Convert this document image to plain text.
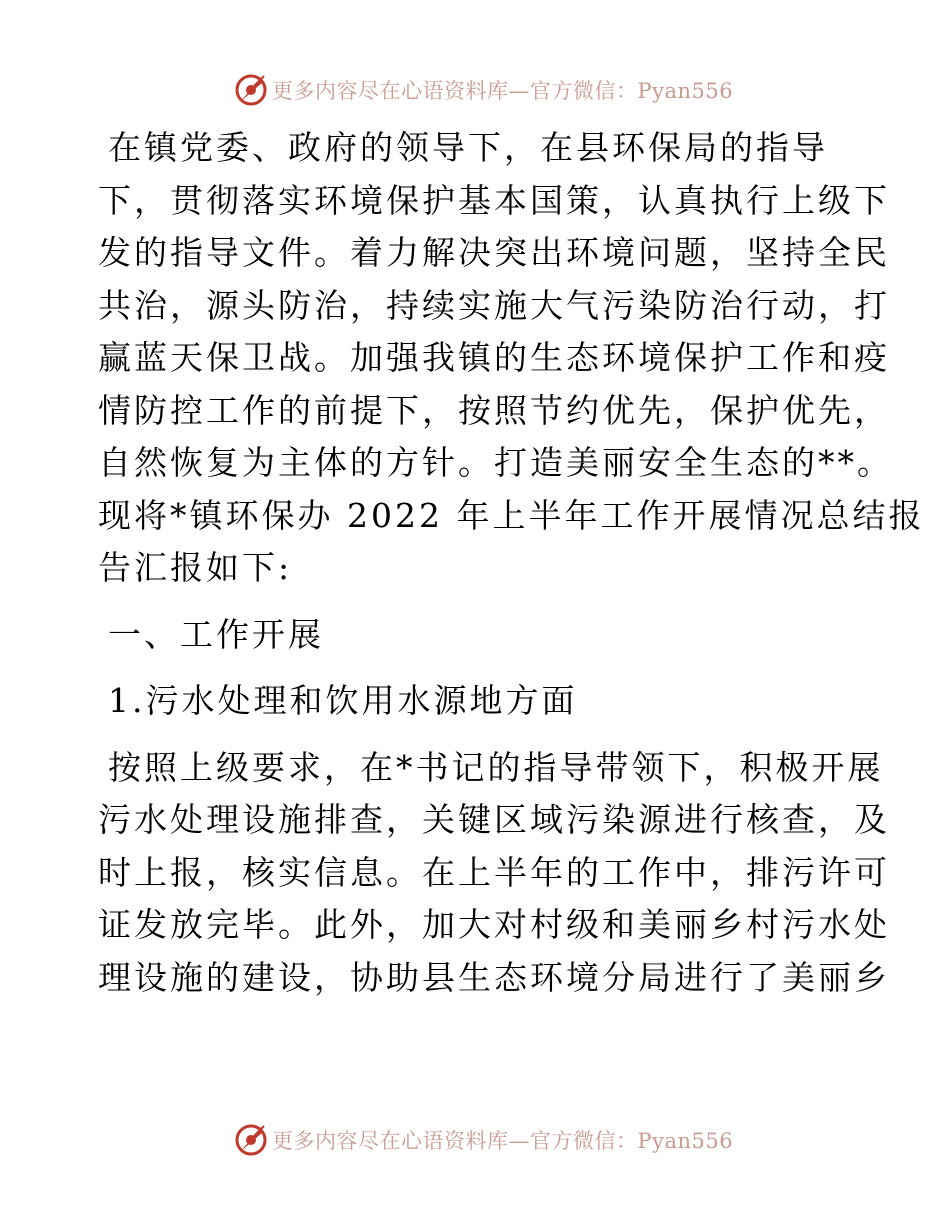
更多内容尽在心语资料库—官方微信：Pyan556
在镇党委、政府的领导下，在县环保局的指导
下，贯彻落实环境保护基本国策，认真执行上级下
发的指导文件。着力解决突出环境问题，坚持全民
共治，源头防治，持续实施大气污染防治行动，打
赢蓝天保卫战。加强我镇的生态环境保护工作和疫
情防控工作的前提下，按照节约优先，保护优先，
自然恢复为主体的方针。打造美丽安全生态的**。
现将*镇环保办 2022 年上半年工作开展情况总结报
告汇报如下:
一、工作开展
1.污水处理和饮用水源地方面
按照上级要求，在*书记的指导带领下，积极开展
污水处理设施排查，关键区域污染源进行核查，及
时上报，核实信息。在上半年的工作中，排污许可
证发放完毕。此外，加大对村级和美丽乡村污水处
理设施的建设，协助县生态环境分局进行了美丽乡
更多内容尽在心语资料库—官方微信：Pyan556
